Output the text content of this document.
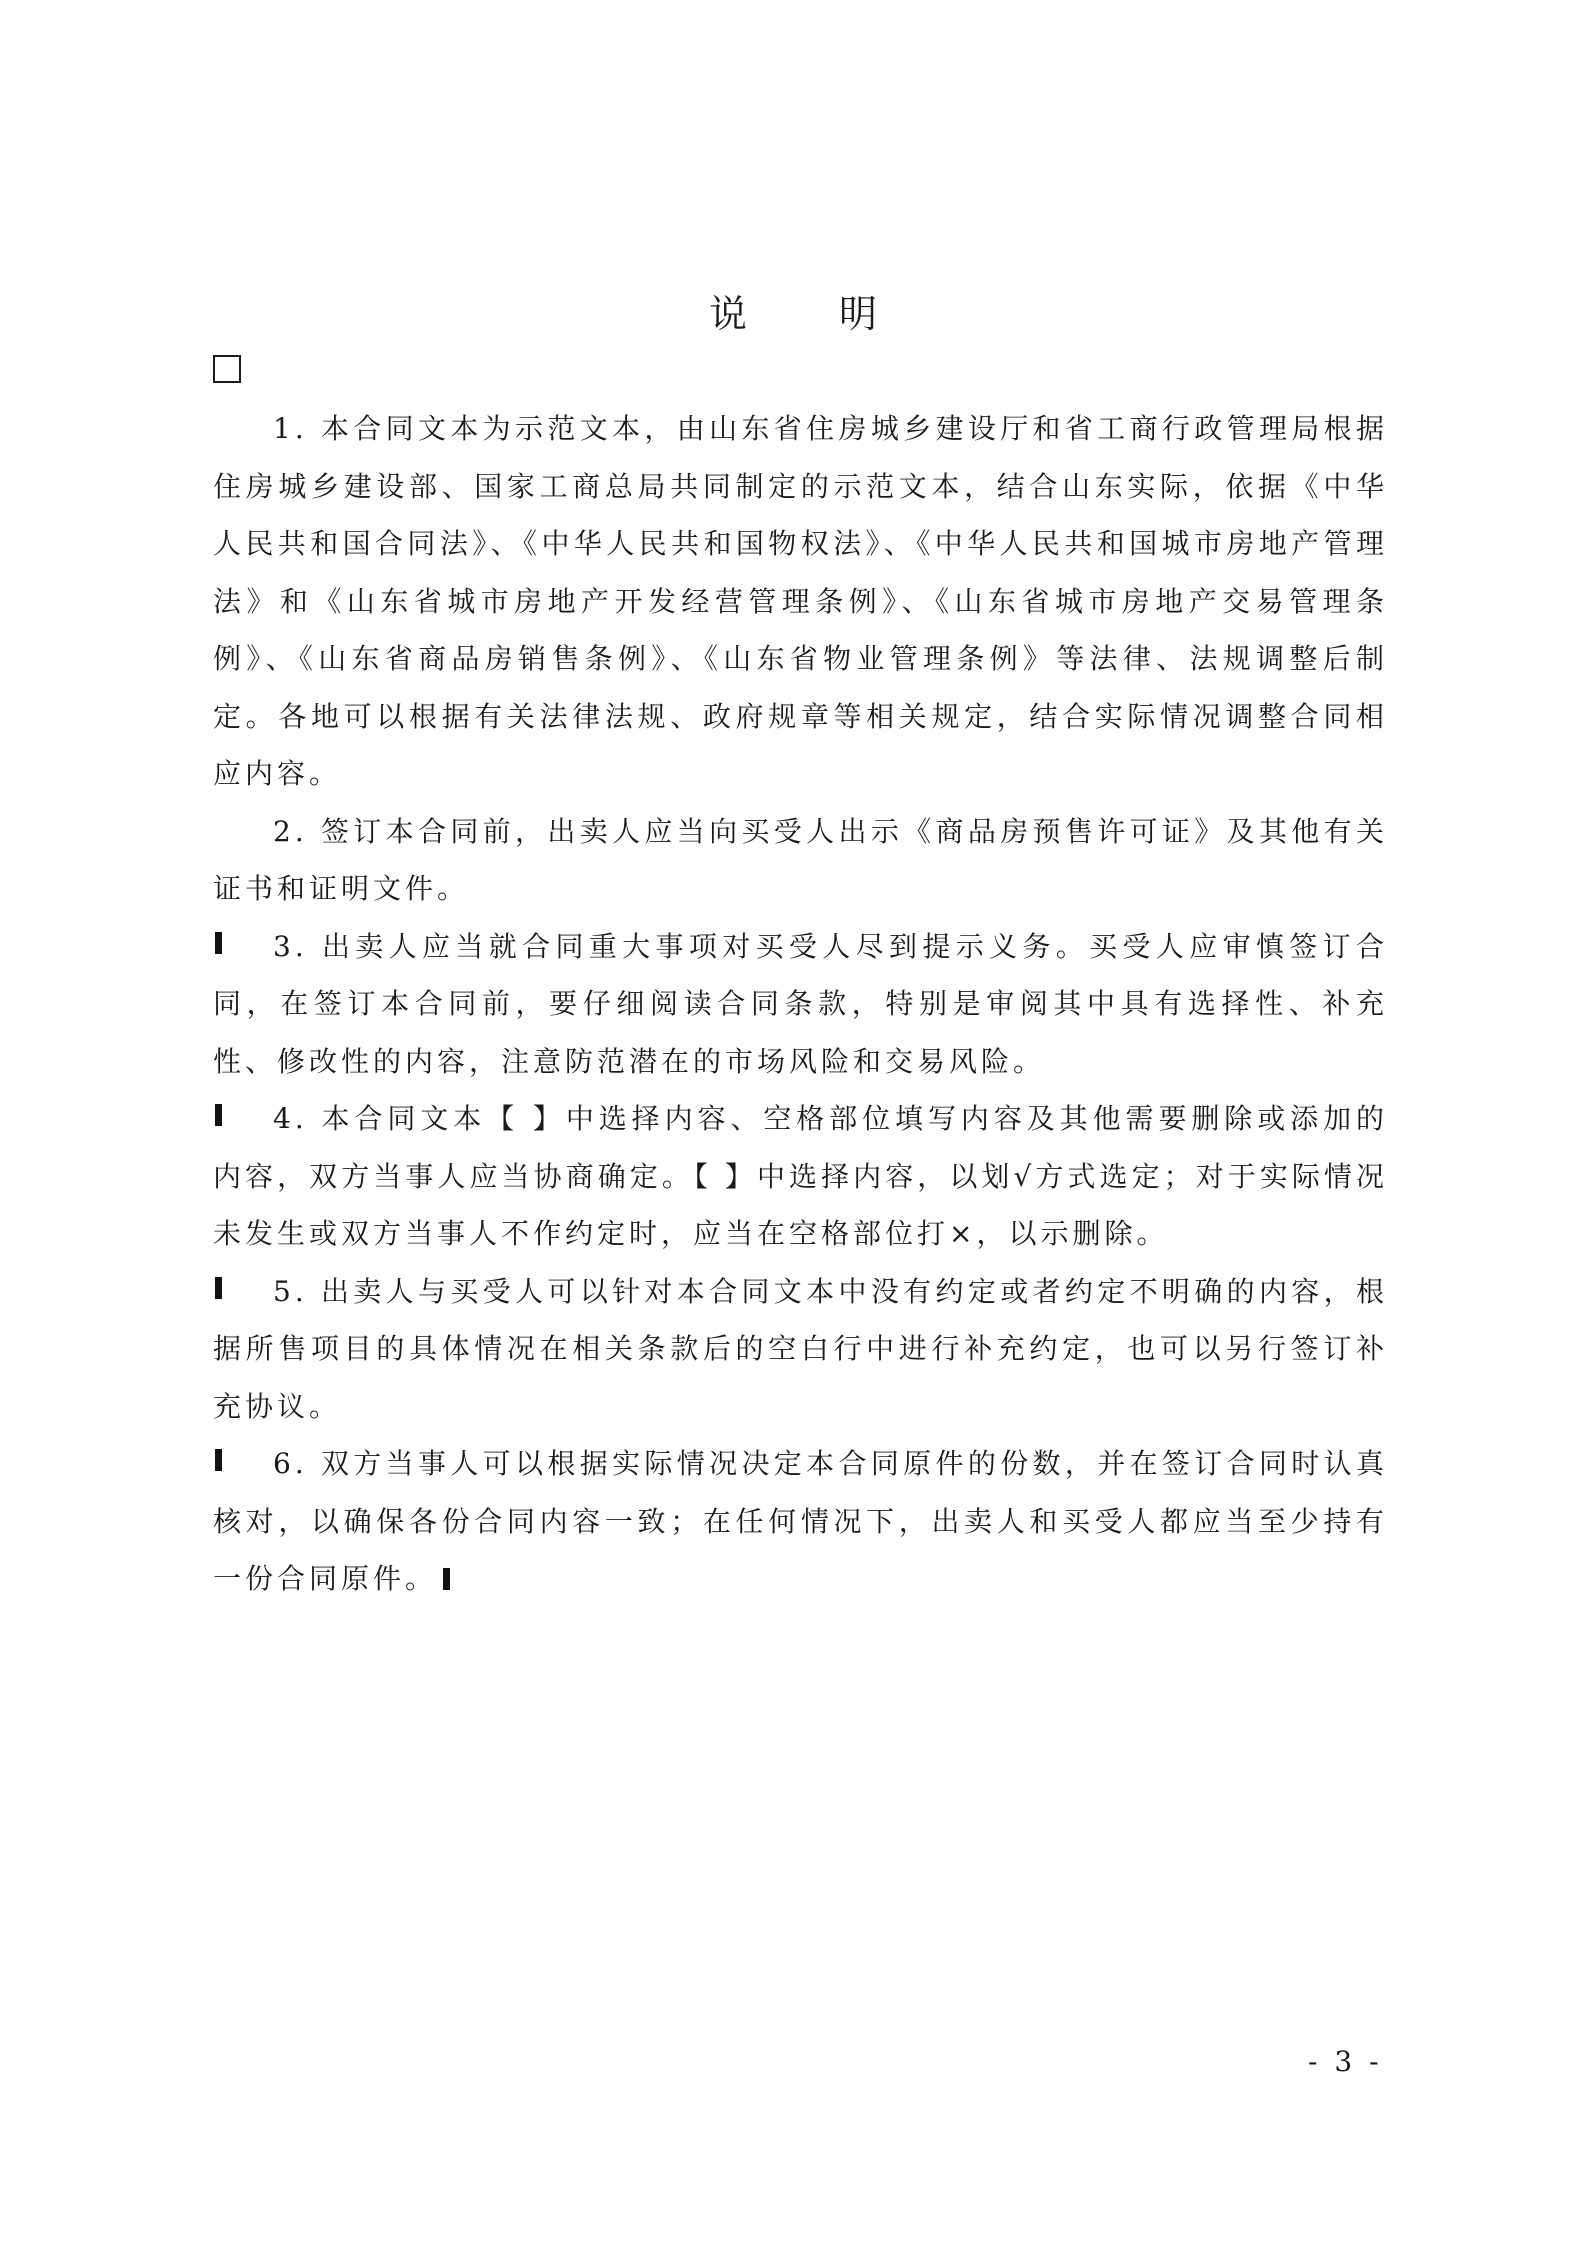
说 明

1. 本合同文本为示范文本，由山东省住房城乡建设厅和省工商行政管理局根据住房城乡建设部、国家工商总局共同制定的示范文本，结合山东实际，依据《中华人民共和国合同法》、《中华人民共和国物权法》、《中华人民共和国城市房地产管理法》和《山东省城市房地产开发经营管理条例》、《山东省城市房地产交易管理条例》、《山东省商品房销售条例》、《山东省物业管理条例》等法律、法规调整后制定。各地可以根据有关法律法规、政府规章等相关规定，结合实际情况调整合同相应内容。

2. 签订本合同前，出卖人应当向买受人出示《商品房预售许可证》及其他有关证书和证明文件。

3. 出卖人应当就合同重大事项对买受人尽到提示义务。买受人应审慎签订合同，在签订本合同前，要仔细阅读合同条款，特别是审阅其中具有选择性、补充性、修改性的内容，注意防范潜在的市场风险和交易风险。

4. 本合同文本【 】中选择内容、空格部位填写内容及其他需要删除或添加的内容，双方当事人应当协商确定。【 】中选择内容，以划√方式选定；对于实际情况未发生或双方当事人不作约定时，应当在空格部位打×，以示删除。

5. 出卖人与买受人可以针对本合同文本中没有约定或者约定不明确的内容，根据所售项目的具体情况在相关条款后的空白行中进行补充约定，也可以另行签订补充协议。

6. 双方当事人可以根据实际情况决定本合同原件的份数，并在签订合同时认真核对，以确保各份合同内容一致；在任何情况下，出卖人和买受人都应当至少持有一份合同原件。

- 3 -
